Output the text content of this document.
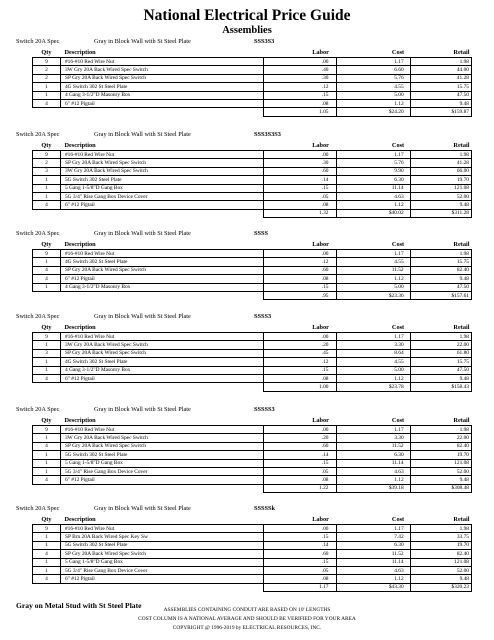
National Electrical Price Guide
Assemblies
Switch 20A Spec	Gray in Block Wall with St Steel Plate	SSS3S3
Qty	Description	Labor	Cost	Retail
9	#16-#10 Red Wire Nut	.00	1.17	1.98
2	3W Gry 20A Back Wired Spec Switch	.40	6.60	44.00
2	SP Gry 20A Back Wired Spec Switch	.30	5.76	41.28
1	4G Switch 302 St Steel Plate	.12	4.55	15.75
1	4 Gang 3-1/2"D Masonry Box	.15	5.00	47.50
4	6" #12 Pigtail	.08	1.12	9.48
		1.05	$24.20	$159.87
Switch 20A Spec	Gray in Block Wall with St Steel Plate	SSS3S3S3
Qty	Description	Labor	Cost	Retail
9	#16-#10 Red Wire Nut	.00	1.17	1.98
2	SP Gry 20A Back Wired Spec Switch	.30	5.76	41.28
3	3W Gry 20A Back Wired Spec Switch	.60	9.90	66.00
1	5G Switch 302 Steel Plate	.14	6.30	19.70
1	5 Gang 1-5/8"D Gang Box	.15	11.14	121.08
1	5G 3/4" Rise Gang Box Device Cover	.05	4.63	52.00
4	6" #12 Pigtail	.08	1.12	9.48
		1.32	$40.02	$311.28
Switch 20A Spec	Gray in Block Wall with St Steel Plate	SSSS
Qty	Description	Labor	Cost	Retail
9	#16-#10 Red Wire Nut	.00	1.17	1.98
1	4G Switch 302 St Steel Plate	.12	4.55	15.75
4	SP Gry 20A Back Wired Spec Switch	.60	11.52	82.40
4	6" #12 Pigtail	.08	1.12	9.48
1	4 Gang 3-1/2"D Masonry Box	.15	5.00	47.50
		.95	$23.36	$157.61
Switch 20A Spec	Gray in Block Wall with St Steel Plate	SSSS3
Qty	Description	Labor	Cost	Retail
9	#16-#10 Red Wire Nut	.00	1.17	1.98
1	3W Gry 20A Back Wired Spec Switch	.20	3.30	22.00
3	SP Gry 20A Back Wired Spec Switch	.45	8.64	61.80
1	4G Switch 302 St Steel Plate	.12	4.55	15.75
1	4 Gang 3-1/2"D Masonry Box	.15	5.00	47.50
4	6" #12 Pigtail	.08	1.12	9.48
		1.00	$23.78	$158.43
Switch 20A Spec	Gray in Block Wall with St Steel Plate	SSSSS3
Qty	Description	Labor	Cost	Retail
9	#16-#10 Red Wire Nut	.00	1.17	1.98
1	3W Gry 20A Back Wired Spec Switch	.20	3.30	22.00
4	SP Gry 20A Back Wired Spec Switch	.60	11.52	82.40
1	5G Switch 302 St Steel Plate	.14	6.30	19.70
1	5 Gang 1-5/8"D Gang Box	.15	11.14	121.08
1	5G 3/4" Rise Gang Box Device Cover	.05	4.63	52.00
4	6" #12 Pigtail	.08	1.12	9.48
		1.22	$39.18	$308.48
Switch 20A Spec	Gray in Block Wall with St Steel Plate	SSSSSk
Qty	Description	Labor	Cost	Retail
9	#16-#10 Red Wire Nut	.00	1.17	1.98
1	SP Brn 20A Back Wired Spec Key Sw	.15	7.42	33.75
1	5G Switch 302 St Steel Plate	.14	6.30	19.70
4	SP Gry 20A Back Wired Spec Switch	.60	11.52	82.40
1	5 Gang 1-5/8"D Gang Box	.15	11.14	121.08
1	5G 3/4" Rise Gang Box Device Cover	.05	4.63	52.00
4	6" #12 Pigtail	.08	1.12	9.48
		1.17	$43.30	$320.23
Gray on Metal Stud with St Steel Plate	ASSEMBLIES CONTAINING CONDUIT ARE BASED ON 10' LENGTHS
COST COLUMN IS A NATIONAL AVERAGE AND SHOULD BE VERIFIED FOR YOUR AREA
COPYRIGHT @ 1996-2019 by ELECTRICAL RESOURCES, INC.
